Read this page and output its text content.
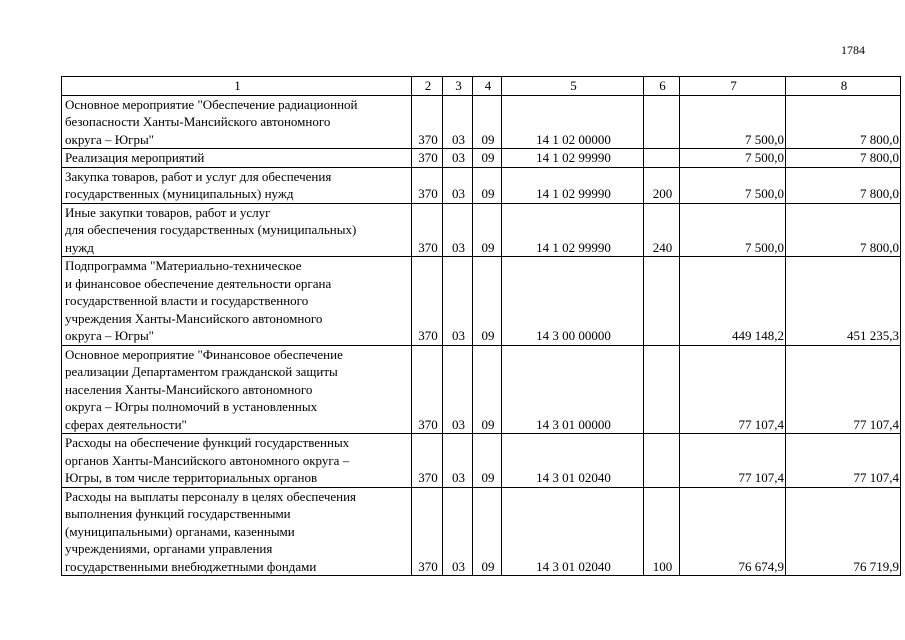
1784
1	2	3	4	5	6	7	8

Основное мероприятие "Обеспечение радиационной
безопасности Ханты-Мансийского автономного
округа – Югры"	370	03	09	14 1 02 00000		7 500,0	7 800,0

Реализация мероприятий	370	03	09	14 1 02 99990		7 500,0	7 800,0

Закупка товаров, работ и услуг для обеспечения
государственных (муниципальных) нужд	370	03	09	14 1 02 99990	200	7 500,0	7 800,0

Иные закупки товаров, работ и услуг
для обеспечения государственных (муниципальных)
нужд	370	03	09	14 1 02 99990	240	7 500,0	7 800,0

Подпрограмма "Материально-техническое
и финансовое обеспечение деятельности органа
государственной власти и государственного
учреждения Ханты-Мансийского автономного
округа – Югры"	370	03	09	14 3 00 00000		449 148,2	451 235,3

Основное мероприятие "Финансовое обеспечение
реализации Департаментом гражданской защиты
населения Ханты-Мансийского автономного
округа – Югры полномочий в установленных
сферах деятельности"	370	03	09	14 3 01 00000		77 107,4	77 107,4

Расходы на обеспечение функций государственных
органов Ханты-Мансийского автономного округа –
Югры, в том числе территориальных органов	370	03	09	14 3 01 02040		77 107,4	77 107,4

Расходы на выплаты персоналу в целях обеспечения
выполнения функций государственными
(муниципальными) органами, казенными
учреждениями, органами управления
государственными внебюджетными фондами	370	03	09	14 3 01 02040	100	76 674,9	76 719,9
